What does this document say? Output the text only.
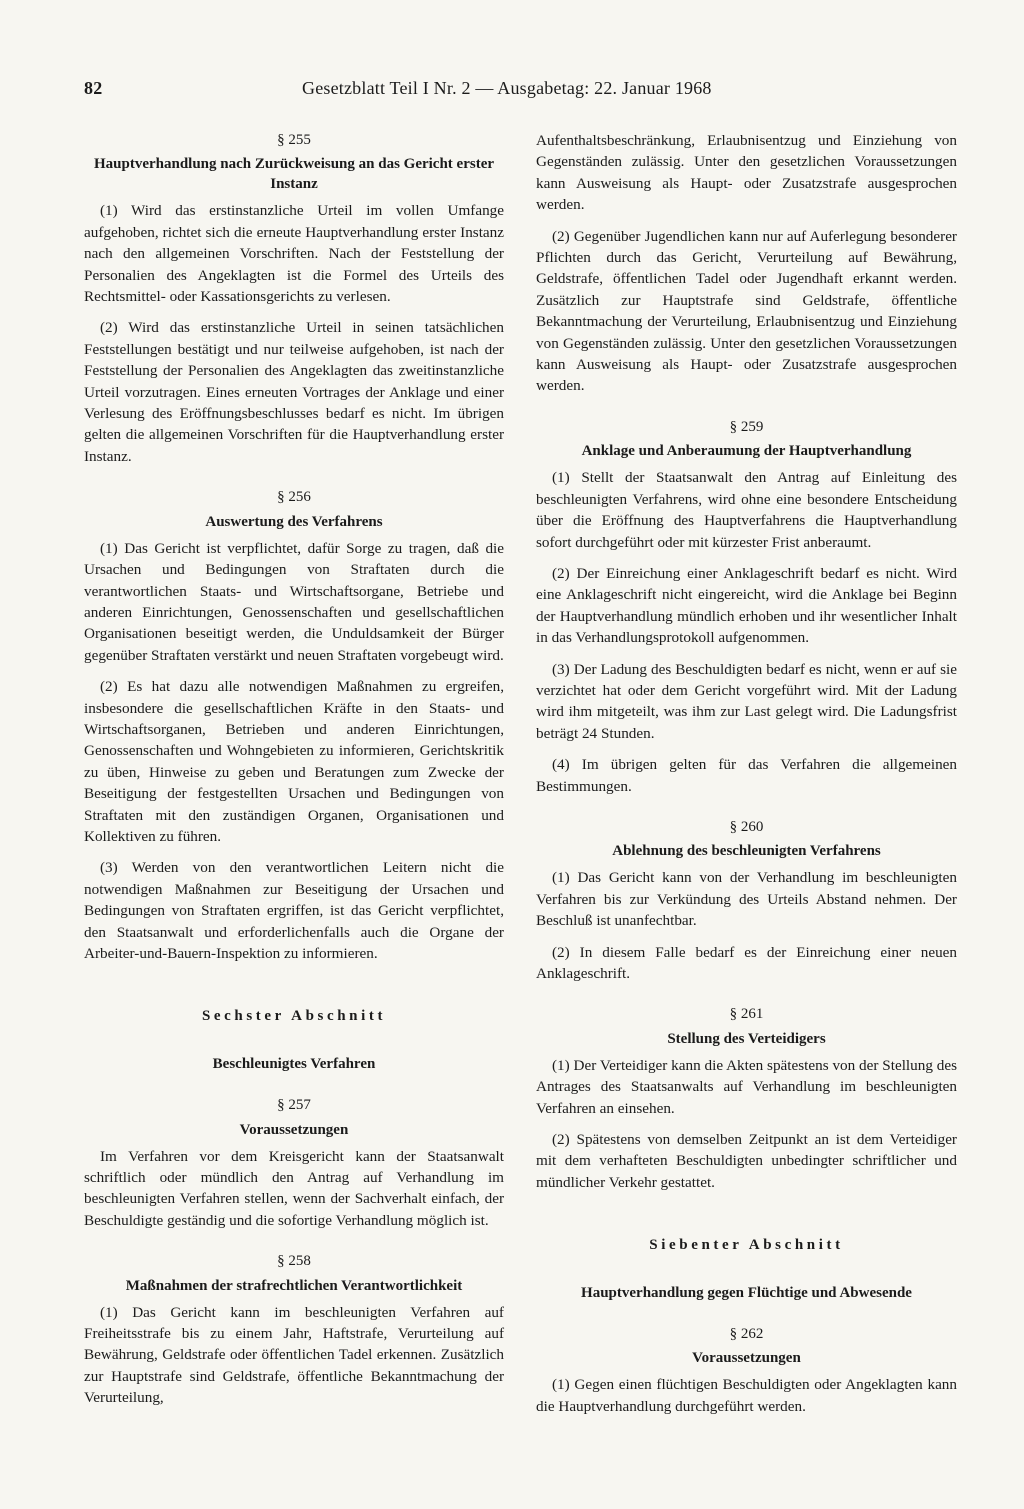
82	Gesetzblatt Teil I Nr. 2 — Ausgabetag: 22. Januar 1968
§ 255
Hauptverhandlung nach Zurückweisung an das Gericht erster Instanz

(1) Wird das erstinstanzliche Urteil im vollen Umfange aufgehoben, richtet sich die erneute Hauptverhandlung erster Instanz nach den allgemeinen Vorschriften. Nach der Feststellung der Personalien des Angeklagten ist die Formel des Urteils des Rechtsmittel- oder Kassationsgerichts zu verlesen.

(2) Wird das erstinstanzliche Urteil in seinen tatsächlichen Feststellungen bestätigt und nur teilweise aufgehoben, ist nach der Feststellung der Personalien des Angeklagten das zweitinstanzliche Urteil vorzutragen. Eines erneuten Vortrages der Anklage und einer Verlesung des Eröffnungsbeschlusses bedarf es nicht. Im übrigen gelten die allgemeinen Vorschriften für die Hauptverhandlung erster Instanz.

§ 256
Auswertung des Verfahrens

(1) Das Gericht ist verpflichtet, dafür Sorge zu tragen, daß die Ursachen und Bedingungen von Straftaten durch die verantwortlichen Staats- und Wirtschaftsorgane, Betriebe und anderen Einrichtungen, Genossenschaften und gesellschaftlichen Organisationen beseitigt werden, die Unduldsamkeit der Bürger gegenüber Straftaten verstärkt und neuen Straftaten vorgebeugt wird.

(2) Es hat dazu alle notwendigen Maßnahmen zu ergreifen, insbesondere die gesellschaftlichen Kräfte in den Staats- und Wirtschaftsorganen, Betrieben und anderen Einrichtungen, Genossenschaften und Wohngebieten zu informieren, Gerichtskritik zu üben, Hinweise zu geben und Beratungen zum Zwecke der Beseitigung der festgestellten Ursachen und Bedingungen von Straftaten mit den zuständigen Organen, Organisationen und Kollektiven zu führen.

(3) Werden von den verantwortlichen Leitern nicht die notwendigen Maßnahmen zur Beseitigung der Ursachen und Bedingungen von Straftaten ergriffen, ist das Gericht verpflichtet, den Staatsanwalt und erforderlichenfalls auch die Organe der Arbeiter-und-Bauern-Inspektion zu informieren.

Sechster Abschnitt
Beschleunigtes Verfahren
§ 257
Voraussetzungen

Im Verfahren vor dem Kreisgericht kann der Staatsanwalt schriftlich oder mündlich den Antrag auf Verhandlung im beschleunigten Verfahren stellen, wenn der Sachverhalt einfach, der Beschuldigte geständig und die sofortige Verhandlung möglich ist.

§ 258
Maßnahmen der strafrechtlichen Verantwortlichkeit

(1) Das Gericht kann im beschleunigten Verfahren auf Freiheitsstrafe bis zu einem Jahr, Haftstrafe, Verurteilung auf Bewährung, Geldstrafe oder öffentlichen Tadel erkennen. Zusätzlich zur Hauptstrafe sind Geldstrafe, öffentliche Bekanntmachung der Verurteilung,

Aufenthaltsbeschränkung, Erlaubnisentzug und Einziehung von Gegenständen zulässig. Unter den gesetzlichen Voraussetzungen kann Ausweisung als Haupt- oder Zusatzstrafe ausgesprochen werden.

(2) Gegenüber Jugendlichen kann nur auf Auferlegung besonderer Pflichten durch das Gericht, Verurteilung auf Bewährung, Geldstrafe, öffentlichen Tadel oder Jugendhaft erkannt werden. Zusätzlich zur Hauptstrafe sind Geldstrafe, öffentliche Bekanntmachung der Verurteilung, Erlaubnisentzug und Einziehung von Gegenständen zulässig. Unter den gesetzlichen Voraussetzungen kann Ausweisung als Haupt- oder Zusatzstrafe ausgesprochen werden.

§ 259
Anklage und Anberaumung der Hauptverhandlung

(1) Stellt der Staatsanwalt den Antrag auf Einleitung des beschleunigten Verfahrens, wird ohne eine besondere Entscheidung über die Eröffnung des Hauptverfahrens die Hauptverhandlung sofort durchgeführt oder mit kürzester Frist anberaumt.

(2) Der Einreichung einer Anklageschrift bedarf es nicht. Wird eine Anklageschrift nicht eingereicht, wird die Anklage bei Beginn der Hauptverhandlung mündlich erhoben und ihr wesentlicher Inhalt in das Verhandlungsprotokoll aufgenommen.

(3) Der Ladung des Beschuldigten bedarf es nicht, wenn er auf sie verzichtet hat oder dem Gericht vorgeführt wird. Mit der Ladung wird ihm mitgeteilt, was ihm zur Last gelegt wird. Die Ladungsfrist beträgt 24 Stunden.

(4) Im übrigen gelten für das Verfahren die allgemeinen Bestimmungen.

§ 260
Ablehnung des beschleunigten Verfahrens

(1) Das Gericht kann von der Verhandlung im beschleunigten Verfahren bis zur Verkündung des Urteils Abstand nehmen. Der Beschluß ist unanfechtbar.

(2) In diesem Falle bedarf es der Einreichung einer neuen Anklageschrift.

§ 261
Stellung des Verteidigers

(1) Der Verteidiger kann die Akten spätestens von der Stellung des Antrages des Staatsanwalts auf Verhandlung im beschleunigten Verfahren an einsehen.

(2) Spätestens von demselben Zeitpunkt an ist dem Verteidiger mit dem verhafteten Beschuldigten unbedingter schriftlicher und mündlicher Verkehr gestattet.

Siebenter Abschnitt
Hauptverhandlung gegen Flüchtige und Abwesende
§ 262
Voraussetzungen

(1) Gegen einen flüchtigen Beschuldigten oder Angeklagten kann die Hauptverhandlung durchgeführt werden.
